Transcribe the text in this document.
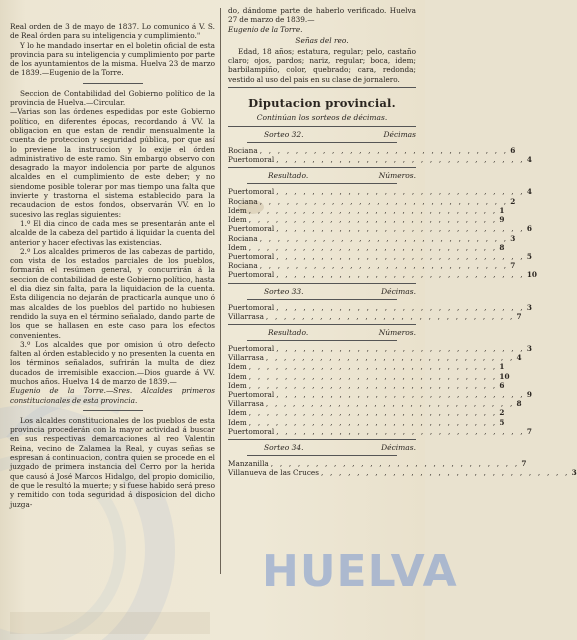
Real orden de 3 de mayo de 1837. Lo comunico á V. S. de Real órden para su inteligencia y cumplimiento."

Y lo he mandado insertar en el boletin oficial de esta provincia para su inteligencia y cumplimiento por parte de los ayuntamientos de la misma. Huelva 23 de marzo de 1839.—Eugenio de la Torre.

Seccion de Contabilidad del Gobierno político de la provincia de Huelva.—Circular.

—Varias son las órdenes espedidas por este Gobierno político, en diferentes épocas, recordando á VV. la obligacion en que estan de rendir mensualmente la cuenta de proteccion y seguridad pública, por que así lo previene la instruccion y lo exije el órden administrativo de este ramo. Sin embargo observo con desagrado la mayor indolencia por parte de algunos alcaldes en el cumplimiento de este deber; y no siendome posible tolerar por mas tiempo una falta que invierte y trastorna el sistema establecido para la recaudacion de estos fondos, observarán VV. en lo sucesivo las reglas siguientes:

1.º El dia cinco de cada mes se presentarán ante el alcalde de la cabeza del partido á liquidar la cuenta del anterior y hacer efectivas las existencias.

2.º Los alcaldes primeros de las cabezas de partido, con vista de los estados parciales de los pueblos, formarán el resúmen general, y concurrirán á la seccion de contabilidad de este Gobierno político, hasta el dia diez sin falta, para la liquidacion de la cuenta. Esta diligencia no dejarán de practicarla aunque uno ó mas alcaldes de los pueblos del partido no hubiesen rendido la suya en el término señalado, dando parte de los que se hallasen en este caso para los efectos convenientes.

3.º Los alcaldes que por omision ú otro defecto falten al órden establecido y no presenten la cuenta en los términos señalados, sufrirán la multa de diez ducados de irremisible exaccion.—Dios guarde á VV. muchos años. Huelva 14 de marzo de 1839.—

Eugenio de la Torre.—Sres. Alcaldes primeros constitucionales de esta provincia.

Los alcaldes constitucionales de los pueblos de esta provincia procederán con la mayor actividad á buscar en sus respectivas demarcaciones al reo Valentin Reina, vecino de Zalamea la Real, y cuyas señas se espresan á continuacion, contra quien se procede en el juzgado de primera instancia del Cerro por la herida que causó á José Marcos Hidalgo, del propio domicilio, de que le resultó la muerte; y si fuese habido será preso y remitido con toda seguridad á disposicion del dicho juzga-

do, dándome parte de haberlo verificado. Huelva 27 de marzo de 1839.—

Eugenio de la Torre.

Señas del reo.

Edad, 18 años; estatura, regular; pelo, castaño claro; ojos, pardos; nariz, regular; boca, idem; barbilampiño, color, quebrado; cara, redonda; vestido al uso del pais en su clase de jornalero.

Diputacion provincial.
Continúan los sorteos de décimas.
Sorteo 32.	Décimas
Rociana , , , , , , , , , , , , , , , , , , , , , , , , , , , , 6
Puertomoral , , , , , , , , , , , , , , , , , , , , , , , , , , , , 4
Resultado.	Números.
Puertomoral , , , , , , , , , , , , , , , , , , , , , , , , , , , , 4
Rociana , , , , , , , , , , , , , , , , , , , , , , , , , , , , 2
Idem , , , , , , , , , , , , , , , , , , , , , , , , , , , , 1
Idem , , , , , , , , , , , , , , , , , , , , , , , , , , , , 9
Puertomoral , , , , , , , , , , , , , , , , , , , , , , , , , , , , 6
Rociana , , , , , , , , , , , , , , , , , , , , , , , , , , , , 3
Idem , , , , , , , , , , , , , , , , , , , , , , , , , , , , 8
Puertomoral , , , , , , , , , , , , , , , , , , , , , , , , , , , , 5
Rociana , , , , , , , , , , , , , , , , , , , , , , , , , , , , 7
Puertomoral , , , , , , , , , , , , , , , , , , , , , , , , , , , , 10
Sorteo 33.	Décimas.
Puertomoral , , , , , , , , , , , , , , , , , , , , , , , , , , , , 3
Villarrasa , , , , , , , , , , , , , , , , , , , , , , , , , , , , 7
Resultado.	Números.
Puertomoral , , , , , , , , , , , , , , , , , , , , , , , , , , , , 3
Villarrasa , , , , , , , , , , , , , , , , , , , , , , , , , , , , 4
Idem , , , , , , , , , , , , , , , , , , , , , , , , , , , , 1
Idem , , , , , , , , , , , , , , , , , , , , , , , , , , , , 10
Idem , , , , , , , , , , , , , , , , , , , , , , , , , , , , 6
Puertomoral , , , , , , , , , , , , , , , , , , , , , , , , , , , , 9
Villarrasa , , , , , , , , , , , , , , , , , , , , , , , , , , , , 8
Idem , , , , , , , , , , , , , , , , , , , , , , , , , , , , 2
Idem , , , , , , , , , , , , , , , , , , , , , , , , , , , , 5
Puertomoral , , , , , , , , , , , , , , , , , , , , , , , , , , , , 7
Sorteo 34.	Décimas.
Manzanilla , , , , , , , , , , , , , , , , , , , , , , , , , , , , 7
Villanueva de las Cruces , , , , , , , , , , , , , , , , , , , , , , , , , , , , 3
HUELVA
